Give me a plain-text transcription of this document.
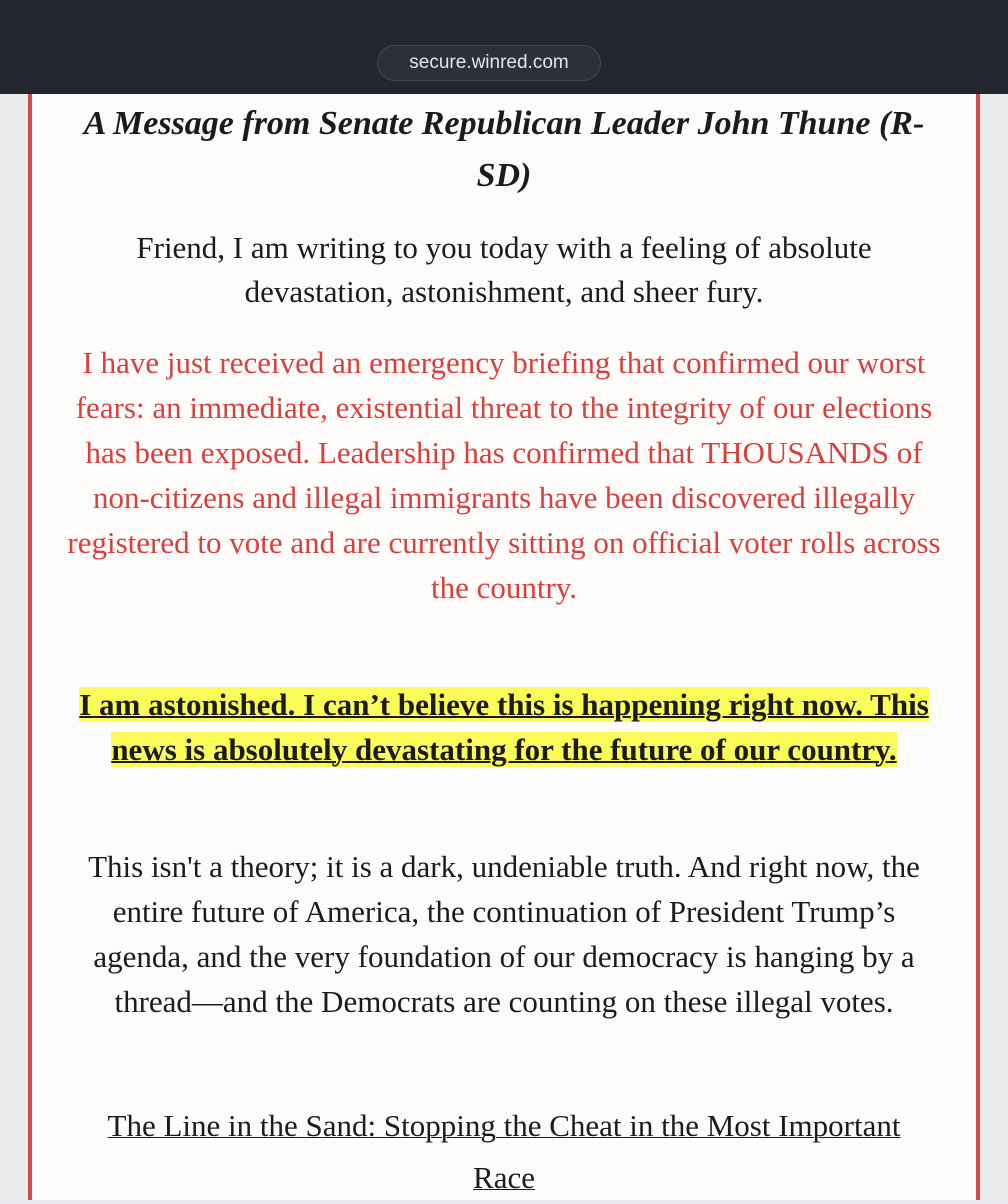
secure.winred.com
A Message from Senate Republican Leader John Thune (R-SD)
Friend, I am writing to you today with a feeling of absolute devastation, astonishment, and sheer fury.
I have just received an emergency briefing that confirmed our worst fears: an immediate, existential threat to the integrity of our elections has been exposed. Leadership has confirmed that THOUSANDS of non-citizens and illegal immigrants have been discovered illegally registered to vote and are currently sitting on official voter rolls across the country.
I am astonished. I can’t believe this is happening right now. This news is absolutely devastating for the future of our country.
This isn't a theory; it is a dark, undeniable truth. And right now, the entire future of America, the continuation of President Trump’s agenda, and the very foundation of our democracy is hanging by a thread—and the Democrats are counting on these illegal votes.
The Line in the Sand: Stopping the Cheat in the Most Important Race
